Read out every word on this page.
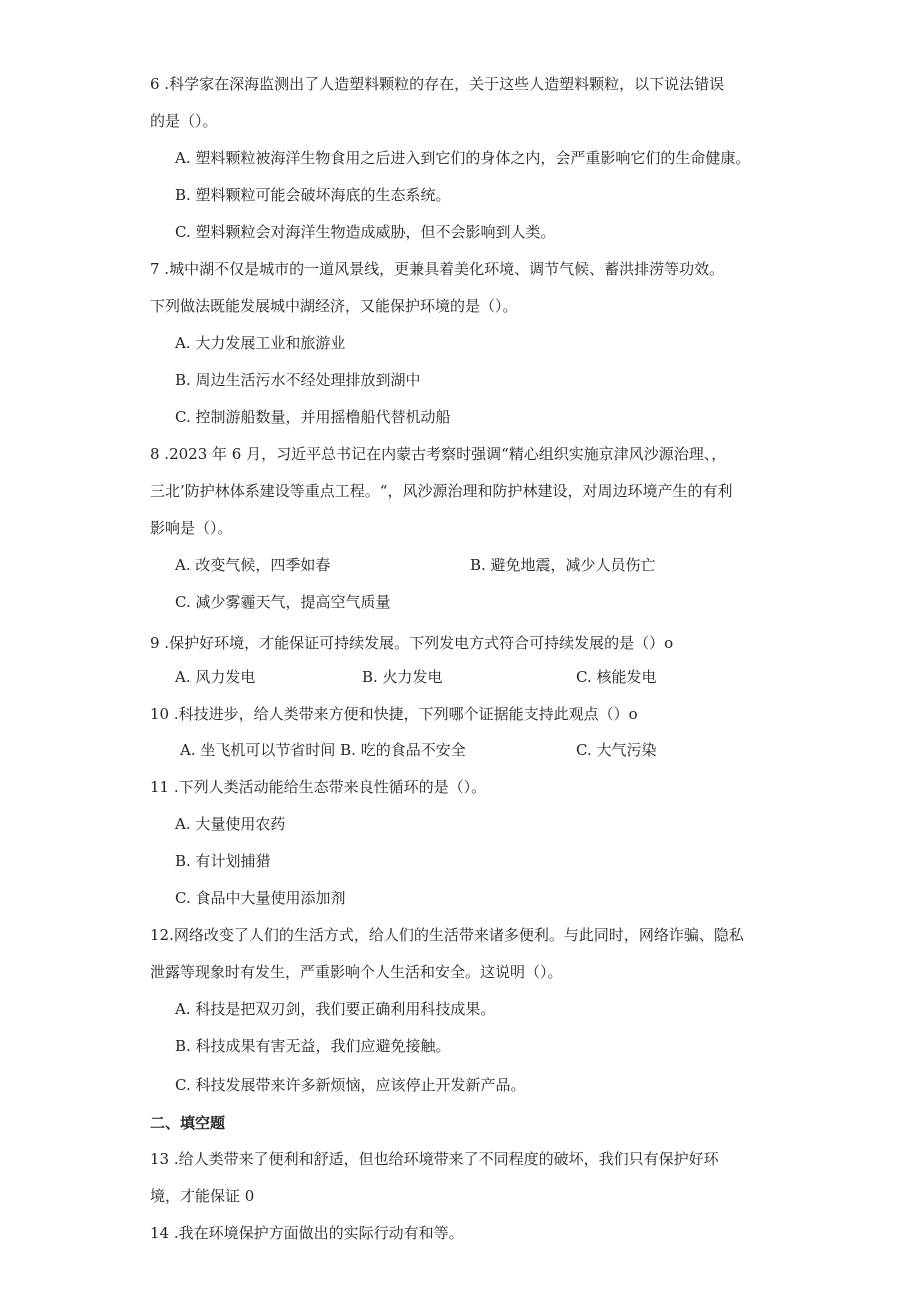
6 .科学家在深海监测出了人造塑料颗粒的存在，关于这些人造塑料颗粒，以下说法错误
的是（）。
A. 塑料颗粒被海洋生物食用之后进入到它们的身体之内，会严重影响它们的生命健康。
B. 塑料颗粒可能会破坏海底的生态系统。
C. 塑料颗粒会对海洋生物造成威胁，但不会影响到人类。
7 .城中湖不仅是城市的一道风景线，更兼具着美化环境、调节气候、蓄洪排涝等功效。
下列做法既能发展城中湖经济，又能保护环境的是（）。
A. 大力发展工业和旅游业
B. 周边生活污水不经处理排放到湖中
C. 控制游船数量，并用摇橹船代替机动船
8 .2023 年 6 月，习近平总书记在内蒙古考察时强调“精心组织实施京津风沙源治理、，
三北’防护林体系建设等重点工程。“，风沙源治理和防护林建设，对周边环境产生的有利
影响是（）。
A. 改变气候，四季如春	B. 避免地震，减少人员伤亡
C. 减少雾霾天气，提高空气质量
9 .保护好环境，才能保证可持续发展。下列发电方式符合可持续发展的是（）o
A. 风力发电	B. 火力发电	C. 核能发电
10 .科技进步，给人类带来方便和快捷，下列哪个证据能支持此观点（）o
A. 坐飞机可以节省时间 B. 吃的食品不安全	C. 大气污染
11 .下列人类活动能给生态带来良性循环的是（）。
A. 大量使用农药
B. 有计划捕猎
C. 食品中大量使用添加剂
12.网络改变了人们的生活方式，给人们的生活带来诸多便利。与此同时，网络诈骗、隐私
泄露等现象时有发生，严重影响个人生活和安全。这说明（）。
A. 科技是把双刃剑，我们要正确利用科技成果。
B. 科技成果有害无益，我们应避免接触。
C. 科技发展带来许多新烦恼，应该停止开发新产品。
二、填空题
13 .给人类带来了便利和舒适，但也给环境带来了不同程度的破坏，我们只有保护好环
境，才能保证 0
14 .我在环境保护方面做出的实际行动有和等。
